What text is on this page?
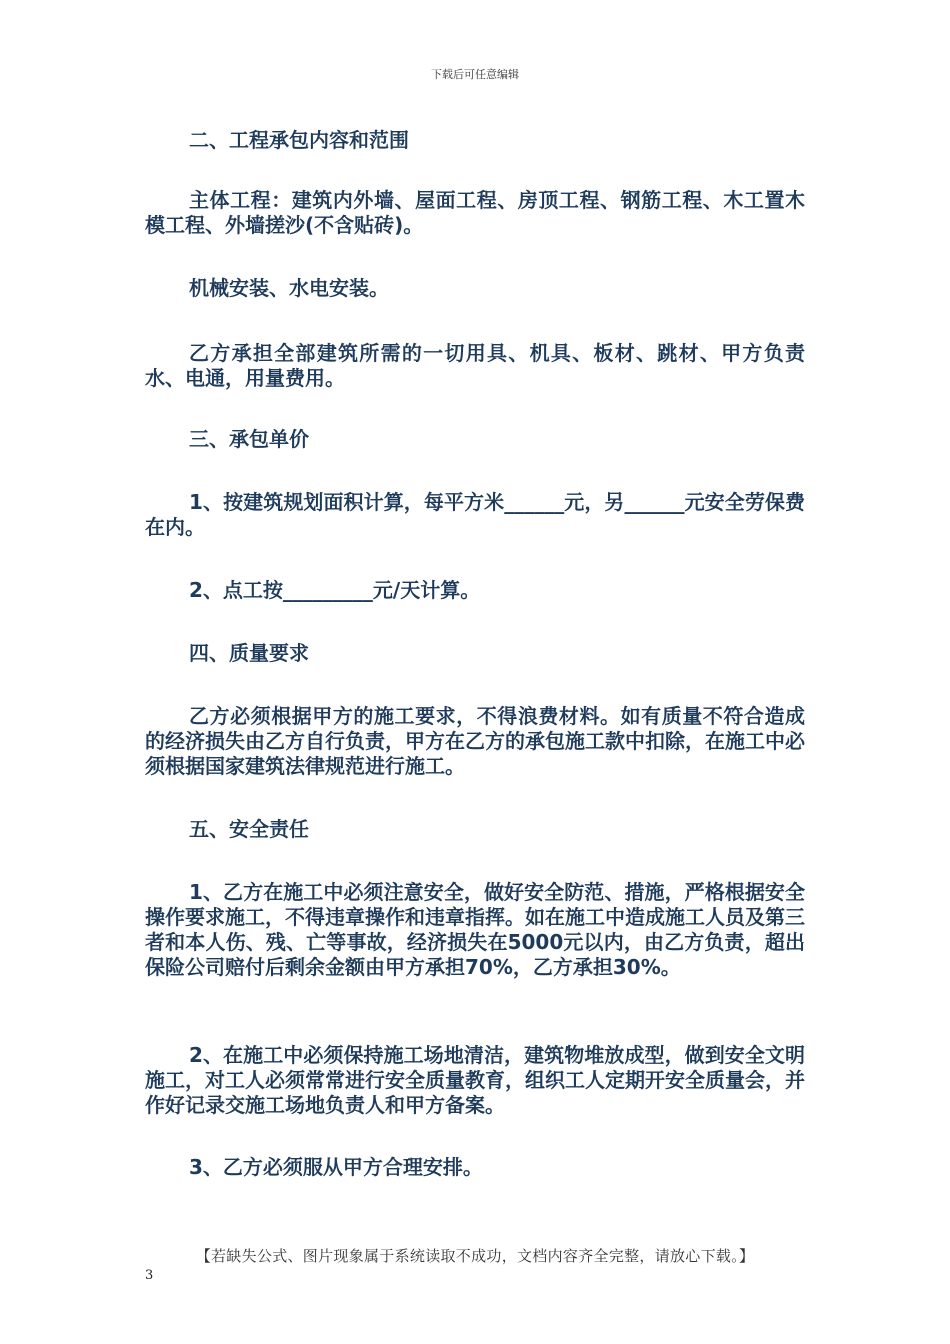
下载后可任意编辑

二、工程承包内容和范围

主体工程：建筑内外墙、屋面工程、房顶工程、钢筋工程、木工置木模工程、外墙搓沙(不含贴砖)。

机械安装、水电安装。

乙方承担全部建筑所需的一切用具、机具、板材、跳材、甲方负责水、电通，用量费用。

三、承包单价

1、按建筑规划面积计算，每平方米______元，另______元安全劳保费在内。

2、点工按_________元/天计算。

四、质量要求

乙方必须根据甲方的施工要求，不得浪费材料。如有质量不符合造成的经济损失由乙方自行负责，甲方在乙方的承包施工款中扣除，在施工中必须根据国家建筑法律规范进行施工。

五、安全责任

1、乙方在施工中必须注意安全，做好安全防范、措施，严格根据安全操作要求施工，不得违章操作和违章指挥。如在施工中造成施工人员及第三者和本人伤、残、亡等事故，经济损失在5000元以内，由乙方负责，超出保险公司赔付后剩余金额由甲方承担70%，乙方承担30%。

2、在施工中必须保持施工场地清洁，建筑物堆放成型，做到安全文明施工，对工人必须常常进行安全质量教育，组织工人定期开安全质量会，并作好记录交施工场地负责人和甲方备案。

3、乙方必须服从甲方合理安排。

【若缺失公式、图片现象属于系统读取不成功，文档内容齐全完整，请放心下载。】
3
